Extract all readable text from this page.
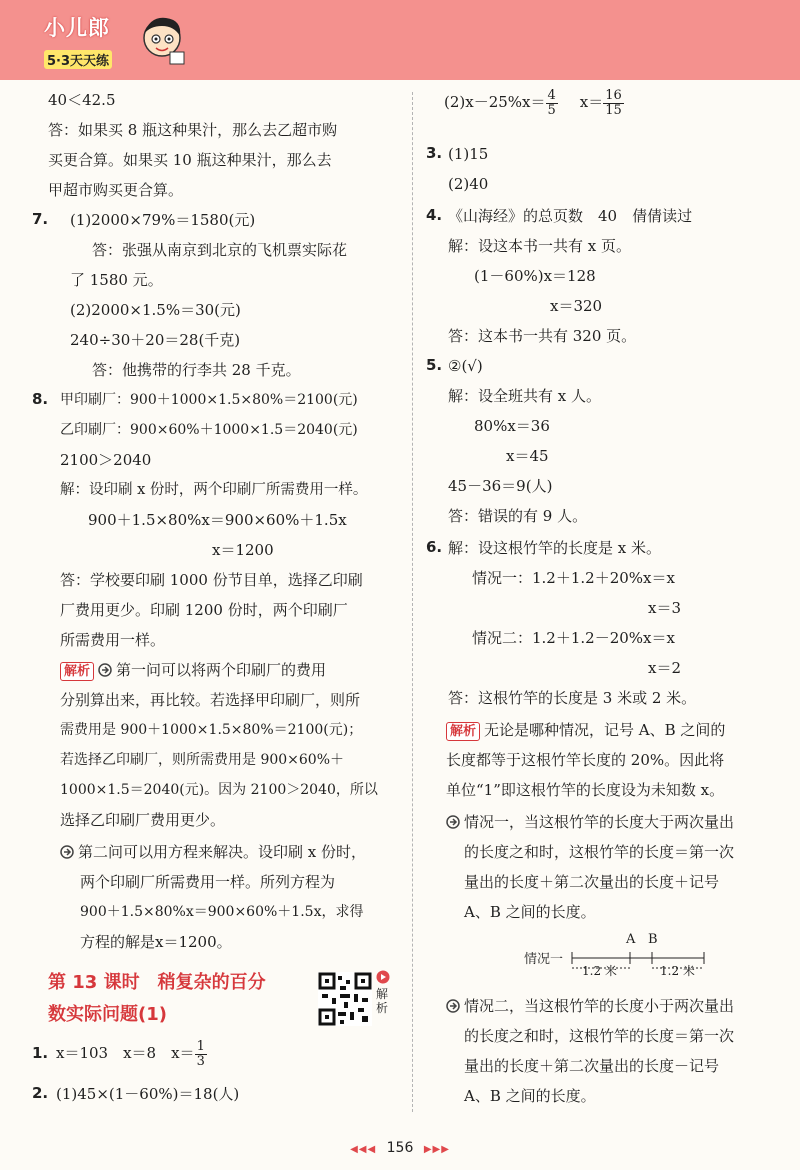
小儿郎
5·3天天练
40＜42.5
答：如果买 8 瓶这种果汁，那么去乙超市购
买更合算。如果买 10 瓶这种果汁，那么去
甲超市购买更合算。
7. (1)2000×79%＝1580(元)
答：张强从南京到北京的飞机票实际花
了 1580 元。
(2)2000×1.5%＝30(元)
240÷30＋20＝28(千克)
答：他携带的行李共 28 千克。
8. 甲印刷厂：900＋1000×1.5×80%＝2100(元)
乙印刷厂：900×60%＋1000×1.5＝2040(元)
2100＞2040
解：设印刷 x 份时，两个印刷厂所需费用一样。
900＋1.5×80%x＝900×60%＋1.5x
x＝1200
答：学校要印刷 1000 份节目单，选择乙印刷
厂费用更少。印刷 1200 份时，两个印刷厂
所需费用一样。
解析 第一问可以将两个印刷厂的费用
分别算出来，再比较。若选择甲印刷厂，则所
需费用是 900＋1000×1.5×80%＝2100(元)；
若选择乙印刷厂，则所需费用是 900×60%＋
1000×1.5＝2040(元)。因为 2100＞2040，所以
选择乙印刷厂费用更少。
第二问可以用方程来解决。设印刷 x 份时，
两个印刷厂所需费用一样。所列方程为
900＋1.5×80%x＝900×60%＋1.5x，求得
方程的解是x＝1200。
第 13 课时　稍复杂的百分
数实际问题(1)
1. x＝103　x＝8　$x= \frac{1}{3}$
2. (1)45×(1－60%)＝18(人)
解析
$(2)x-25\%x= \frac{4}{5} x= \frac{16}{15}$
3. (1)15
(2)40
4. 《山海经》的总页数　40　倩倩读过
解：设这本书一共有 x 页。
(1－60%)x＝128
x＝320
答：这本书一共有 320 页。
5. ②(√)
解：设全班共有 x 人。
80%x＝36
x＝45
45－36＝9(人)
答：错误的有 9 人。
6. 解：设这根竹竿的长度是 x 米。
情况一：1.2＋1.2＋20%x＝x
x＝3
情况二：1.2＋1.2－20%x＝x
x＝2
答：这根竹竿的长度是 3 米或 2 米。
解析 无论是哪种情况，记号 A、B 之间的
长度都等于这根竹竿长度的 20%。因此将
单位“1”即这根竹竿的长度设为未知数 x。
情况一，当这根竹竿的长度大于两次量出
的长度之和时，这根竹竿的长度＝第一次
量出的长度＋第二次量出的长度＋记号
A、B 之间的长度。
情况一
A B
1.2 米	1.2 米
情况二，当这根竹竿的长度小于两次量出
的长度之和时，这根竹竿的长度＝第一次
量出的长度＋第二次量出的长度－记号
A、B 之间的长度。
◀◀◀ 156 ▶▶▶
